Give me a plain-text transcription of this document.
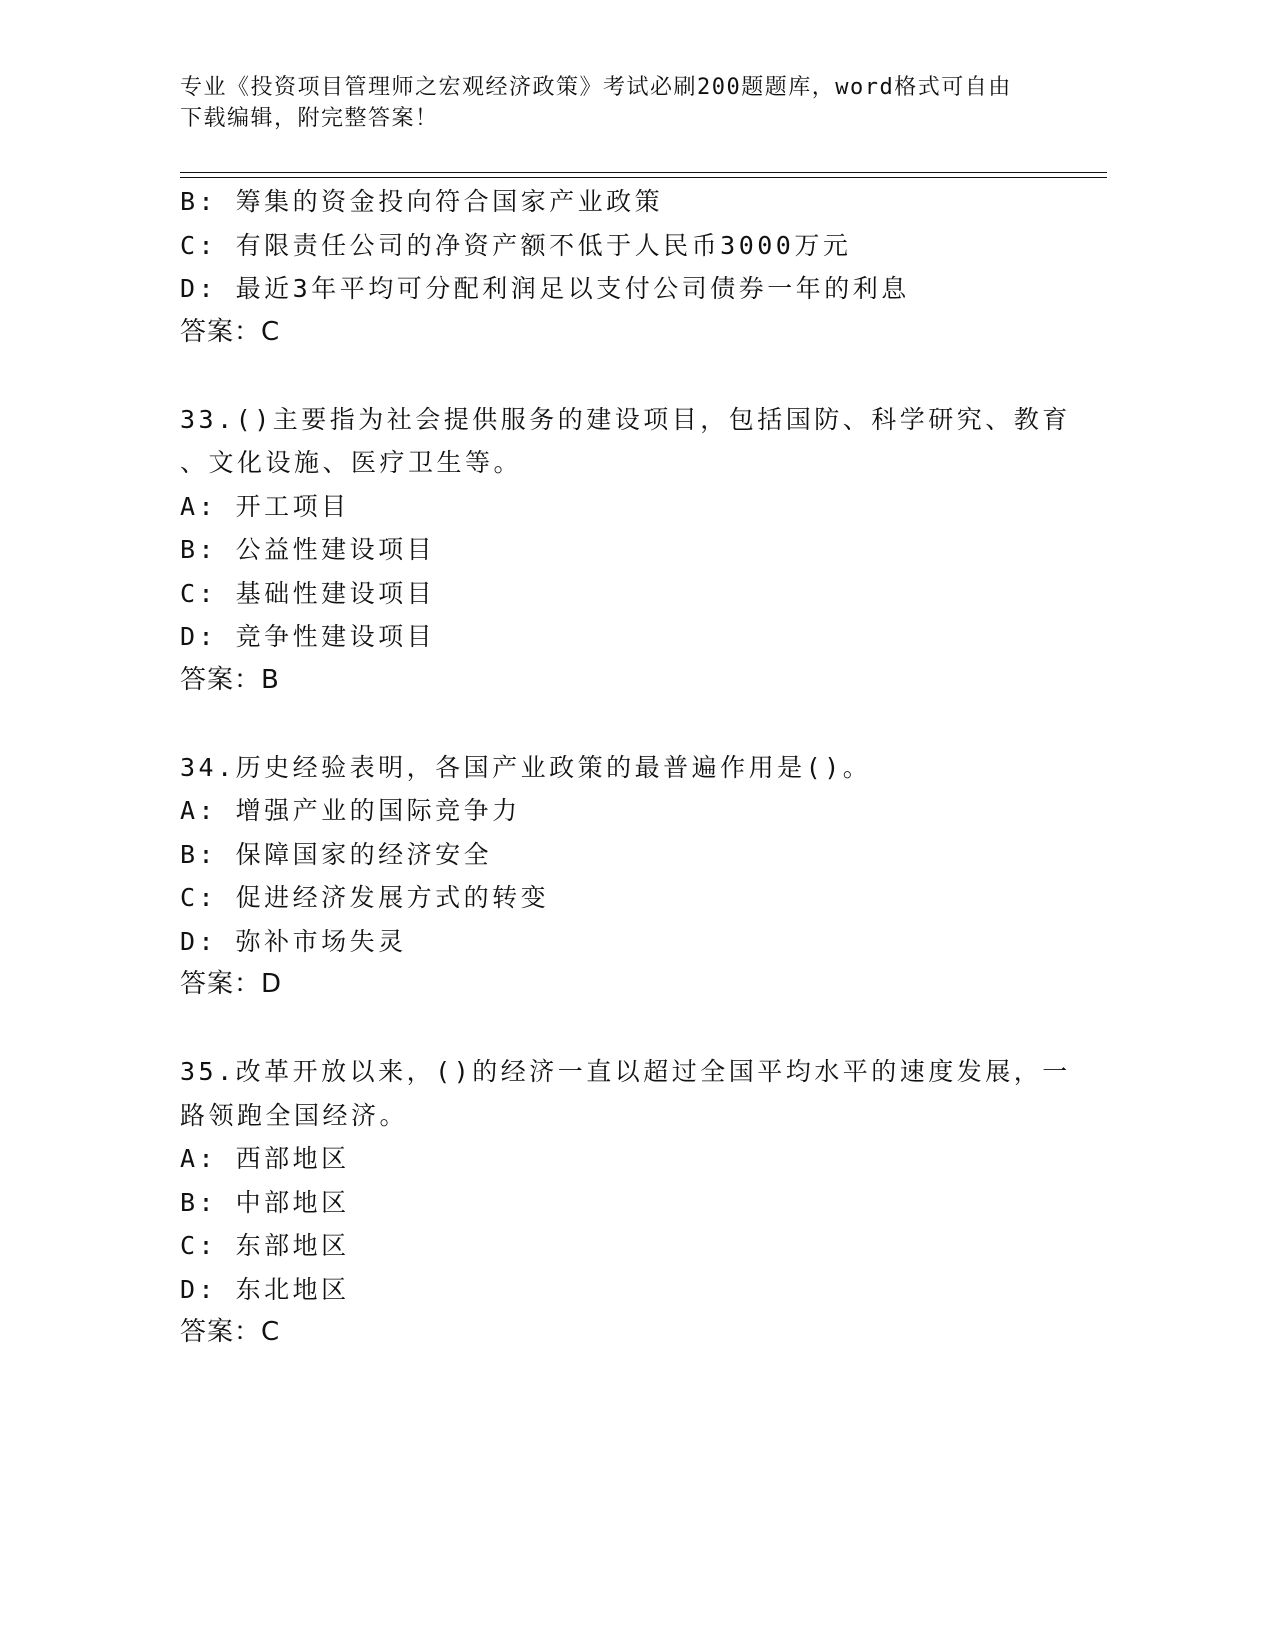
专业《投资项目管理师之宏观经济政策》考试必刷200题题库，word格式可自由
下载编辑，附完整答案！
B: 筹集的资金投向符合国家产业政策
C: 有限责任公司的净资产额不低于人民币3000万元
D: 最近3年平均可分配利润足以支付公司债券一年的利息
答案：C
33.()主要指为社会提供服务的建设项目，包括国防、科学研究、教育
、文化设施、医疗卫生等。
A: 开工项目
B: 公益性建设项目
C: 基础性建设项目
D: 竞争性建设项目
答案：B
34.历史经验表明，各国产业政策的最普遍作用是()。
A: 增强产业的国际竞争力
B: 保障国家的经济安全
C: 促进经济发展方式的转变
D: 弥补市场失灵
答案：D
35.改革开放以来，()的经济一直以超过全国平均水平的速度发展，一
路领跑全国经济。
A: 西部地区
B: 中部地区
C: 东部地区
D: 东北地区
答案：C
